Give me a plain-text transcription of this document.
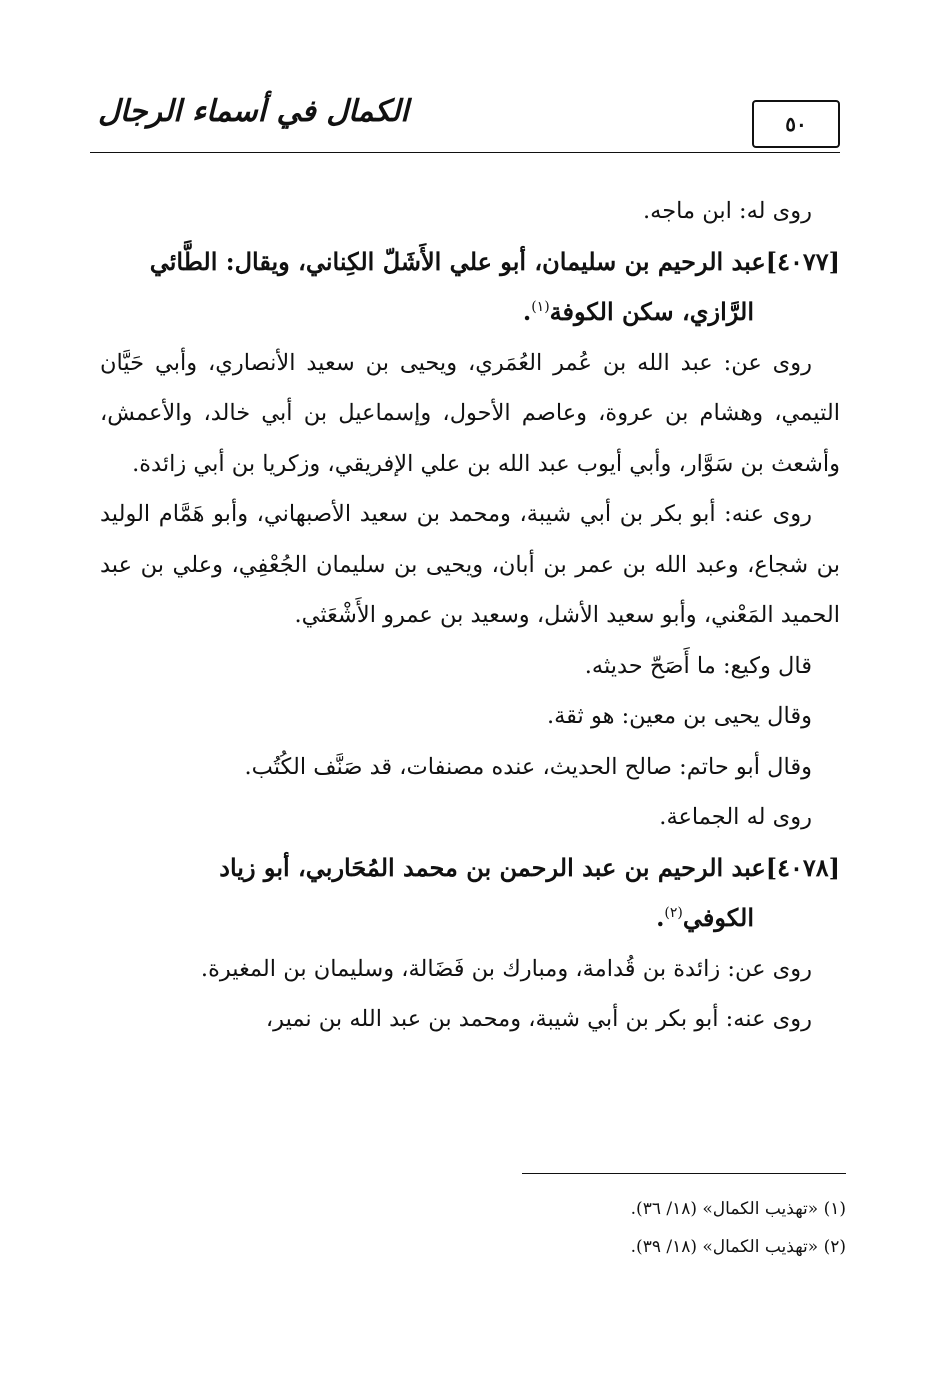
٥٠
الكمال في أسماء الرجال

روى له: ابن ماجه.

[٤٠٧٧]عبد الرحيم بن سليمان، أبو علي الأَشَلّ الكِناني، ويقال: الطَّائي
الرَّازي، سكن الكوفة$^{(١)}$.

روى عن: عبد الله بن عُمر العُمَري، ويحيى بن سعيد الأنصاري، وأبي حَيَّان التيمي، وهشام بن عروة، وعاصم الأحول، وإسماعيل بن أبي خالد، والأعمش، وأشعث بن سَوَّار، وأبي أيوب عبد الله بن علي الإفريقي، وزكريا بن أبي زائدة.

روى عنه: أبو بكر بن أبي شيبة، ومحمد بن سعيد الأصبهاني، وأبو هَمَّام الوليد بن شجاع، وعبد الله بن عمر بن أبان، ويحيى بن سليمان الجُعْفِي، وعلي بن عبد الحميد المَعْني، وأبو سعيد الأشل، وسعيد بن عمرو الأَشْعَثي.

قال وكيع: ما أَصَحّ حديثه.

وقال يحيى بن معين: هو ثقة.

وقال أبو حاتم: صالح الحديث، عنده مصنفات، قد صَنَّف الكُتُب.

روى له الجماعة.

[٤٠٧٨]عبد الرحيم بن عبد الرحمن بن محمد المُحَاربي، أبو زياد
الكوفي$^{(٢)}$.

روى عن: زائدة بن قُدامة، ومبارك بن فَضَالة، وسليمان بن المغيرة.

روى عنه: أبو بكر بن أبي شيبة، ومحمد بن عبد الله بن نمير،

(١) «تهذيب الكمال» (١٨/ ٣٦).

(٢) «تهذيب الكمال» (١٨/ ٣٩).
